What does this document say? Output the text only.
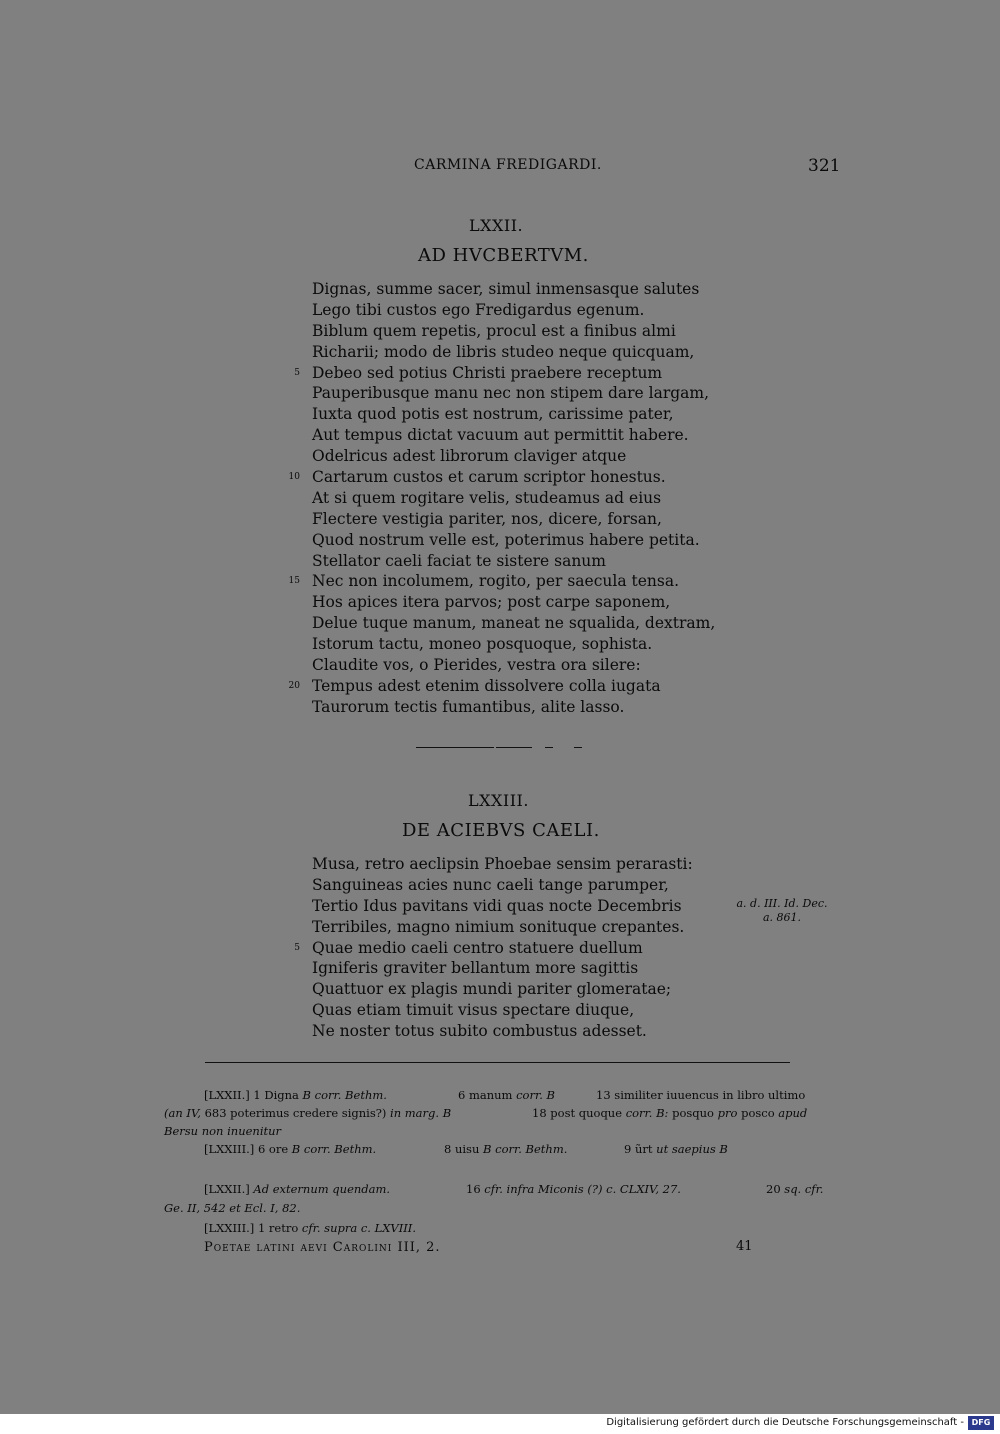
CARMINA FREDIGARDI.	321
LXXII.
AD HVCBERTVM.
Dignas, summe sacer, simul inmensasque salutes
Lego tibi custos ego Fredigardus egenum.
Biblum quem repetis, procul est a finibus almi
Richarii; modo de libris studeo neque quicquam,
5 Debeo sed potius Christi praebere receptum
Pauperibusque manu nec non stipem dare largam,
Iuxta quod potis est nostrum, carissime pater,
Aut tempus dictat vacuum aut permittit habere.
Odelricus adest librorum claviger atque
10 Cartarum custos et carum scriptor honestus.
At si quem rogitare velis, studeamus ad eius
Flectere vestigia pariter, nos, dicere, forsan,
Quod nostrum velle est, poterimus habere petita.
Stellator caeli faciat te sistere sanum
15 Nec non incolumem, rogito, per saecula tensa.
Hos apices itera parvos; post carpe saponem,
Delue tuque manum, maneat ne squalida, dextram,
Istorum tactu, moneo posquoque, sophista.
Claudite vos, o Pierides, vestra ora silere:
20 Tempus adest etenim dissolvere colla iugata
Taurorum tectis fumantibus, alite lasso.
LXXIII.
DE ACIEBVS CAELI.
Musa, retro aeclipsin Phoebae sensim perarasti:
Sanguineas acies nunc caeli tange parumper,
Tertio Idus pavitans vidi quas nocte Decembris
Terribiles, magno nimium sonituque crepantes.
5 Quae medio caeli centro statuere duellum
Igniferis graviter bellantum more sagittis
Quattuor ex plagis mundi pariter glomeratae;
Quas etiam timuit visus spectare diuque,
Ne noster totus subito combustus adesset.
a. d. III. Id. Dec.
a. 861.
[LXXII.] 1 Digna B corr. Bethm.	6 manum corr. B	13 similiter iuuencus in libro ultimo
(an IV, 683 poterimus credere signis?) in marg. B	18 post quoque corr. B: posquo pro posco apud
Bersu non inuenitur
[LXXIII.] 6 ore B corr. Bethm.	8 uisu B corr. Bethm.	9 ũrt ut saepius B
[LXXII.] Ad externum quendam.	16 cfr. infra Miconis (?) c. CLXIV, 27.	20 sq. cfr.
Ge. II, 542 et Ecl. I, 82.
[LXXIII.] 1 retro cfr. supra c. LXVIII.
Poetae latini aevi Carolini III, 2.	41
Digitalisierung gefördert durch die Deutsche Forschungsgemeinschaft - DFG
